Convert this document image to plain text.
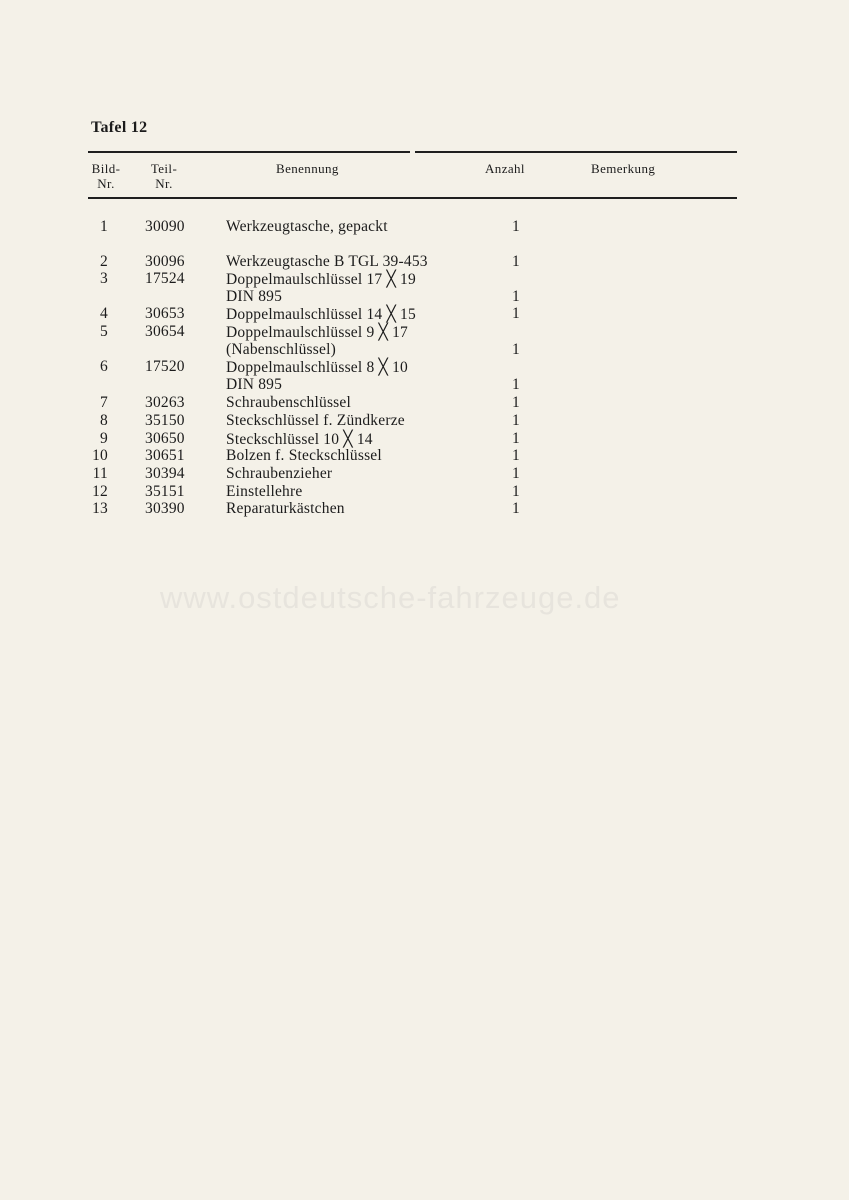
Tafel 12
Bild-
Nr.
Teil-
Nr.
Benennung	Anzahl	Bemerkung
1 30090	Werkzeugtasche, gepackt	1
2 30096	Werkzeugtasche B TGL 39-453	1
3 17524	Doppelmaulschlüssel 17 ╳ 19
DIN 895	1
4 30653	Doppelmaulschlüssel 14 ╳ 15	1
5 30654	Doppelmaulschlüssel 9 ╳ 17
(Nabenschlüssel)	1
6 17520	Doppelmaulschlüssel 8 ╳ 10
DIN 895	1
7 30263	Schraubenschlüssel	1
8 35150	Steckschlüssel f. Zündkerze	1
9 30650	Steckschlüssel 10 ╳ 14	1
10 30651	Bolzen f. Steckschlüssel	1
11 30394	Schraubenzieher	1
12 35151	Einstellehre	1
13 30390	Reparaturkästchen	1
www.ostdeutsche-fahrzeuge.de
